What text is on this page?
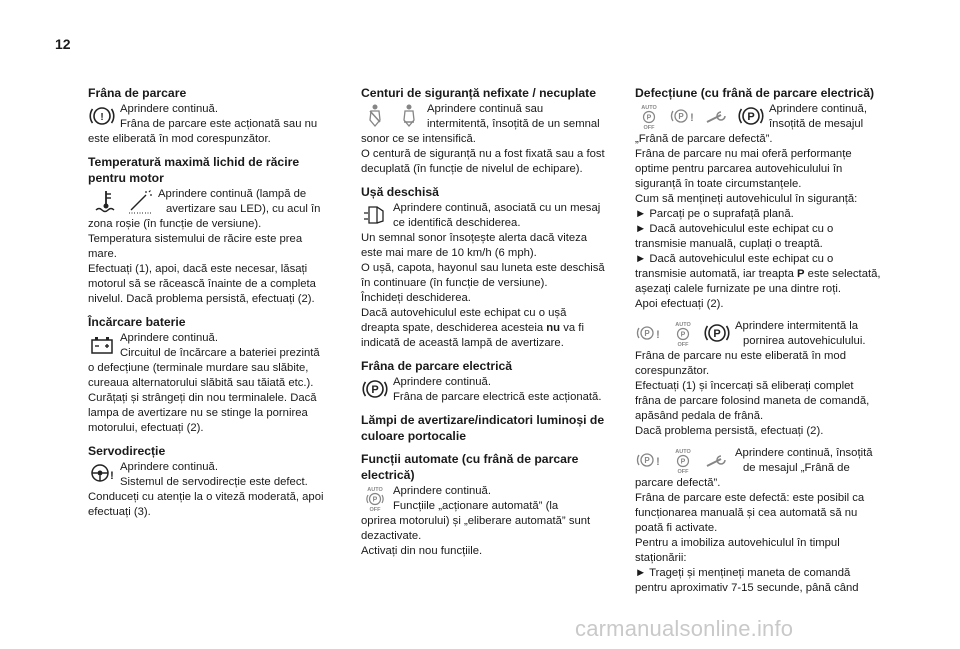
12
Frâna de parcare
!
Aprindere continuă.
Frâna de parcare este acționată sau nu
este eliberată în mod corespunzător.
Temperatură maximă lichid de răcire
pentru motor
Aprindere continuă (lampă de
avertizare sau LED), cu acul în
zona roșie (în funcție de versiune).
Temperatura sistemului de răcire este prea
mare.
Efectuați (1), apoi, dacă este necesar, lăsați
motorul să se răcească înainte de a completa
nivelul. Dacă problema persistă, efectuați (2).
Încărcare baterie
Aprindere continuă.
Circuitul de încărcare a bateriei prezintă
o defecțiune (terminale murdare sau slăbite,
cureaua alternatorului slăbită sau tăiată etc.).
Curățați și strângeți din nou terminalele. Dacă
lampa de avertizare nu se stinge la pornirea
motorului, efectuați (2).
Servodirecție
!
Aprindere continuă.
Sistemul de servodirecție este defect.
Conduceți cu atenție la o viteză moderată, apoi
efectuați (3).
Centuri de siguranță nefixate / necuplate
Aprindere continuă sau
intermitentă, însoțită de un semnal
sonor ce se intensifică.
O centură de siguranță nu a fost fixată sau a fost
decuplată (în funcție de nivelul de echipare).
Ușă deschisă
Aprindere continuă, asociată cu un mesaj
ce identifică deschiderea.
Un semnal sonor însoțește alerta dacă viteza
este mai mare de 10 km/h (6 mph).
O ușă, capota, hayonul sau luneta este deschisă
în continuare (în funcție de versiune).
Închideți deschiderea.
Dacă autovehiculul este echipat cu o ușă
dreapta spate, deschiderea acesteia nu va fi
indicată de această lampă de avertizare.
Frâna de parcare electrică
P
Aprindere continuă.
Frâna de parcare electrică este acționată.
Lămpi de avertizare/indicatori luminoși de
culoare portocalie
Funcții automate (cu frână de parcare
electrică)
AUTO
P
OFF
Aprindere continuă.
Funcțiile „acționare automată” (la
oprirea motorului) și „eliberare automată” sunt
dezactivate.
Activați din nou funcțiile.
Defecțiune (cu frână de parcare electrică)
AUTO
P
OFF
P !	P
Aprindere continuă,
însoțită de mesajul
„Frână de parcare defectă”.
Frâna de parcare nu mai oferă performanțe
optime pentru parcarea autovehiculului în
siguranță în toate circumstanțele.
Cum să mențineți autovehiculul în siguranță:
► Parcați pe o suprafață plană.
► Dacă autovehiculul este echipat cu o
transmisie manuală, cuplați o treaptă.
► Dacă autovehiculul este echipat cu o
transmisie automată, iar treapta P este selectată,
așezați calele furnizate pe una dintre roți.
Apoi efectuați (2).
P !
AUTO
P
OFF
P
Aprindere intermitentă la
pornirea autovehiculului.
Frâna de parcare nu este eliberată în mod
corespunzător.
Efectuați (1) și încercați să eliberați complet
frâna de parcare folosind maneta de comandă,
apăsând pedala de frână.
Dacă problema persistă, efectuați (2).
P !
AUTO
P
OFF
Aprindere continuă, însoțită
de mesajul „Frână de
parcare defectă”.
Frâna de parcare este defectă: este posibil ca
funcționarea manuală și cea automată să nu
poată fi activate.
Pentru a imobiliza autovehiculul în timpul
staționării:
► Trageți și mențineți maneta de comandă
pentru aproximativ 7-15 secunde, până când
carmanualsonline.info
